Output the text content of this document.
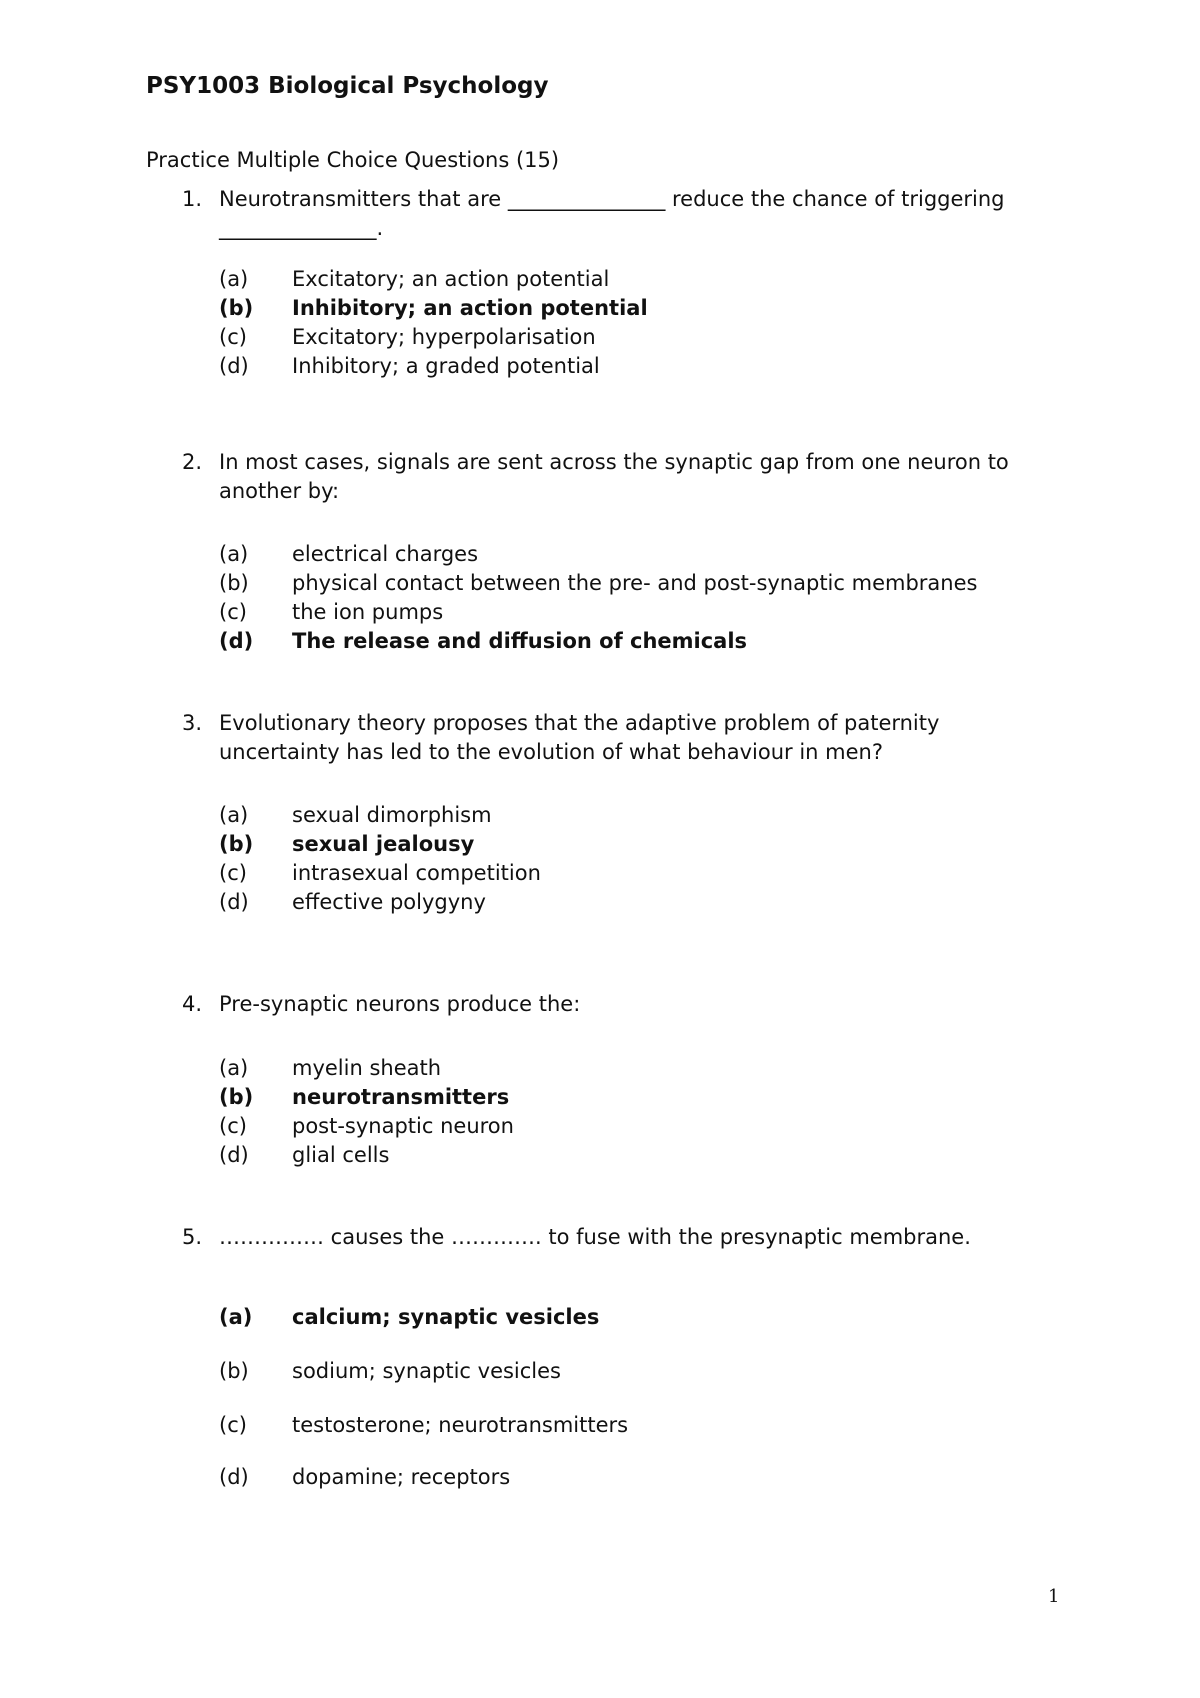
PSY1003 Biological Psychology

Practice Multiple Choice Questions (15)

1. Neurotransmitters that are _______________ reduce the chance of triggering _______________.
(a)	Excitatory; an action potential
(b)	Inhibitory; an action potential
(c)	Excitatory; hyperpolarisation
(d)	Inhibitory; a graded potential
2. In most cases, signals are sent across the synaptic gap from one neuron to another by:
(a)	electrical charges
(b)	physical contact between the pre- and post-synaptic membranes
(c)	the ion pumps
(d)	The release and diffusion of chemicals
3. Evolutionary theory proposes that the adaptive problem of paternity uncertainty has led to the evolution of what behaviour in men?
(a)	sexual dimorphism
(b)	sexual jealousy
(c)	intrasexual competition
(d)	effective polygyny
4. Pre-synaptic neurons produce the:
(a)	myelin sheath
(b)	neurotransmitters
(c)	post-synaptic neuron
(d)	glial cells
5. …………… causes the …………. to fuse with the presynaptic membrane.
(a)	calcium; synaptic vesicles
(b)	sodium; synaptic vesicles
(c)	testosterone; neurotransmitters
(d)	dopamine; receptors
1
